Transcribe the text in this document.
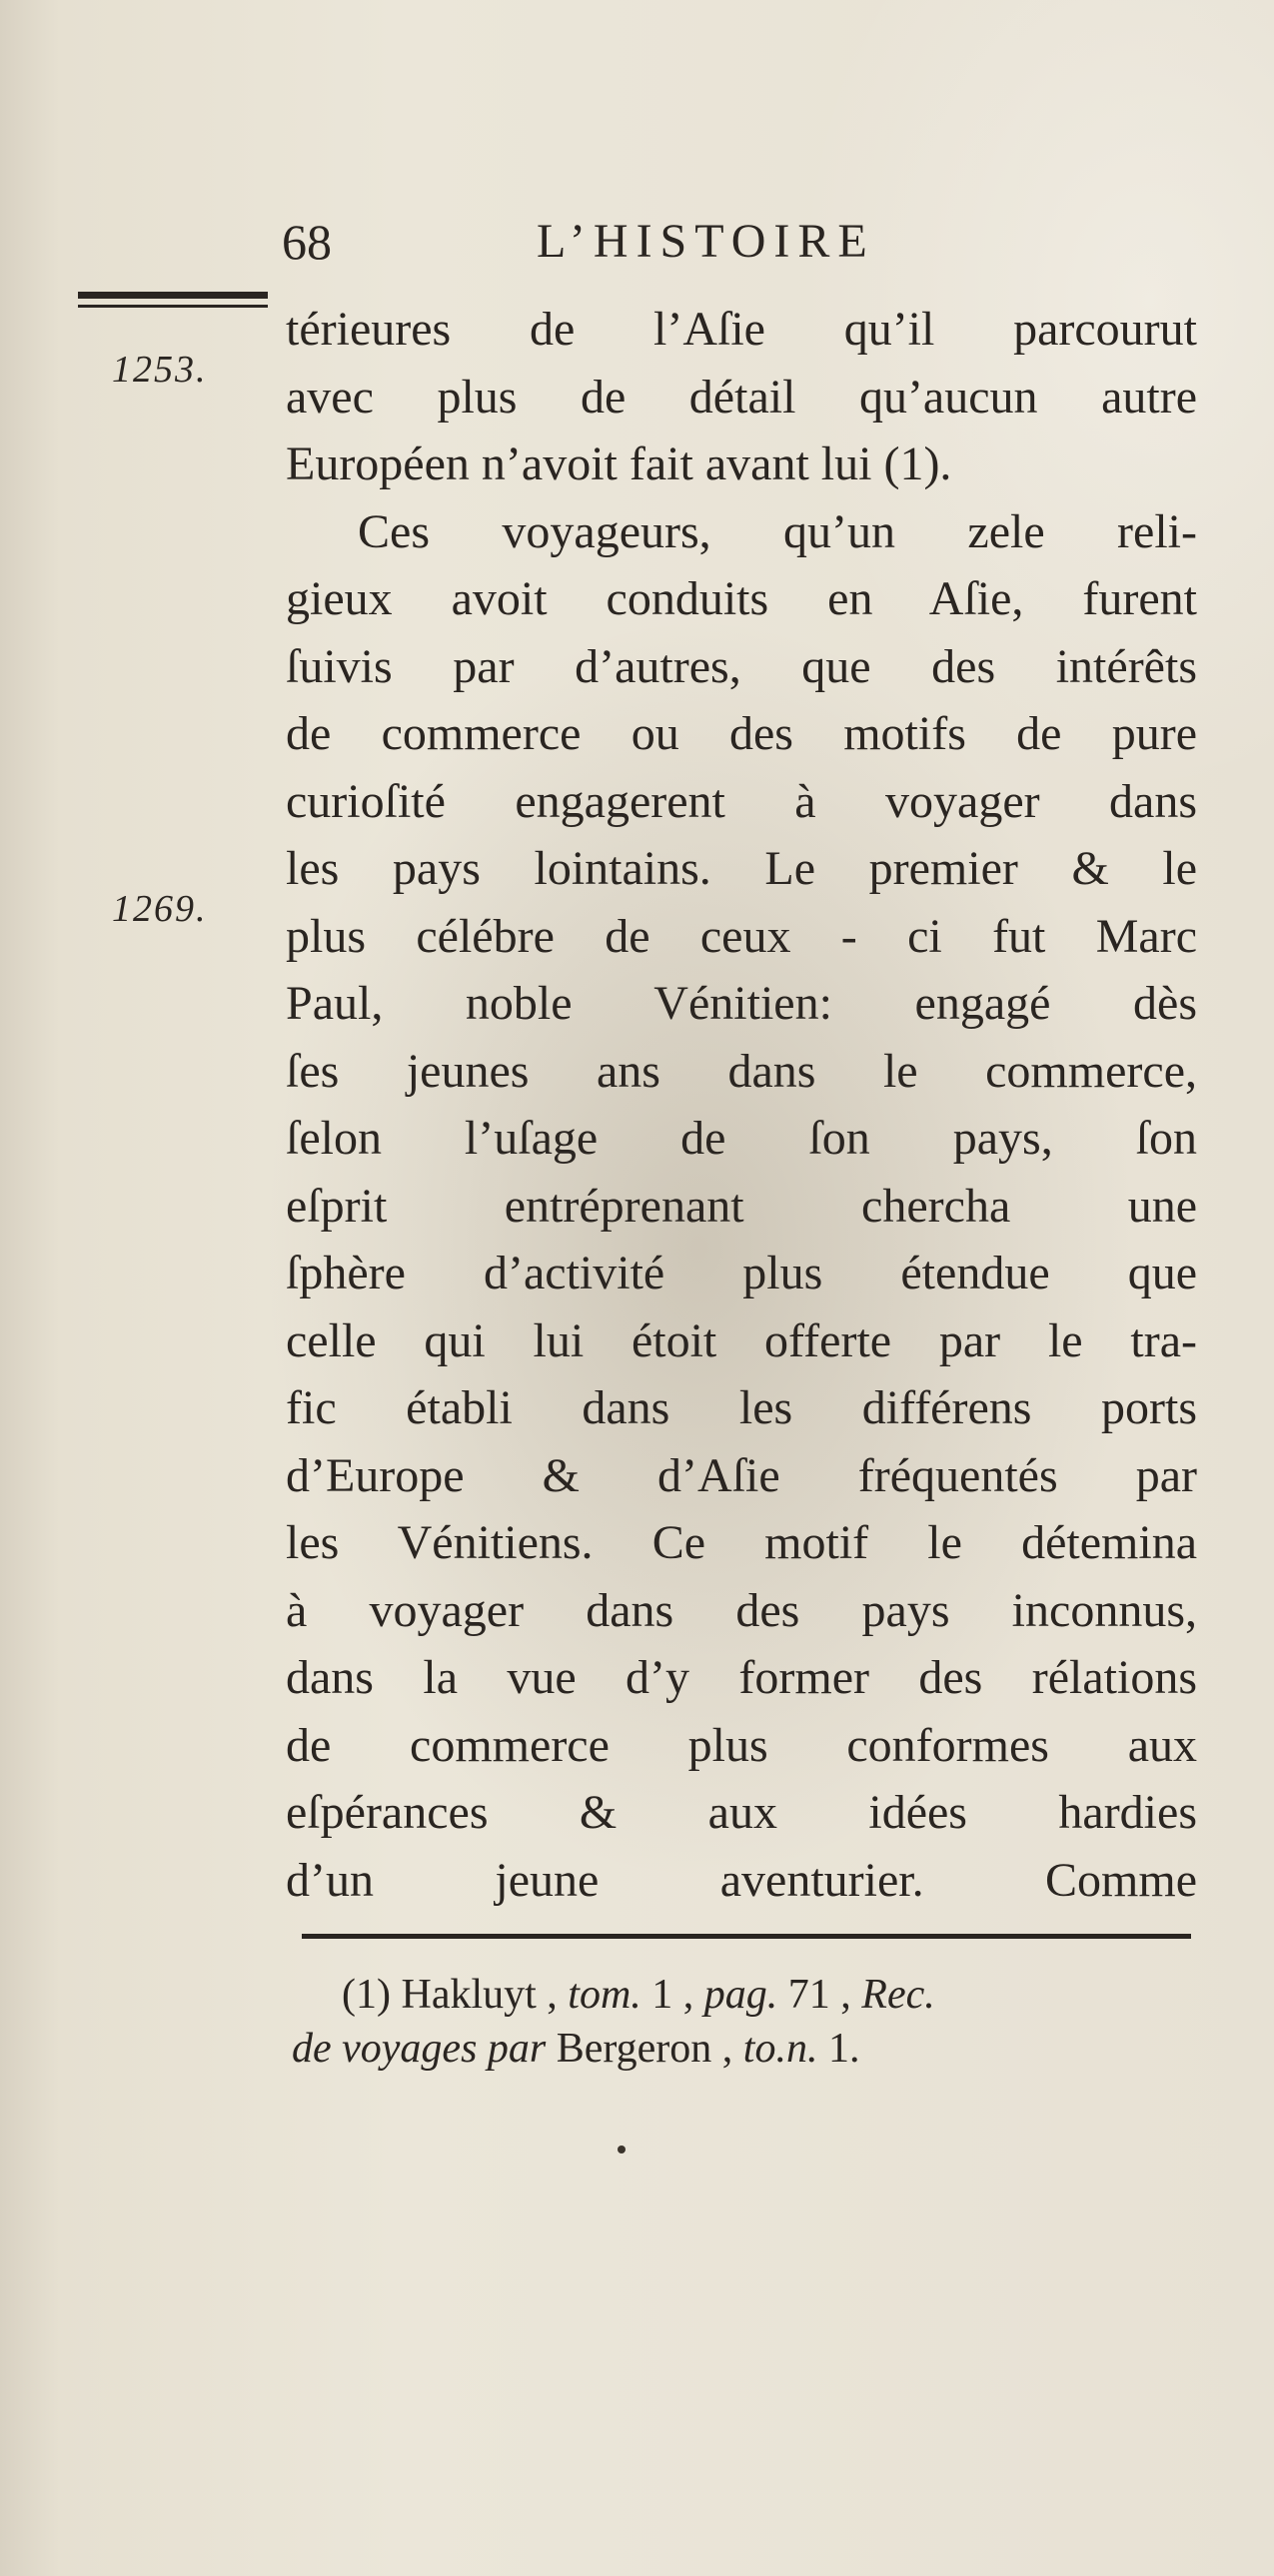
68	L’HISTOIRE
1253.
1269.
térieures de l’Aſie qu’il parcourut
avec plus de détail qu’aucun autre
Européen n’avoit fait avant lui (1).
Ces voyageurs, qu’un zele reli-
gieux avoit conduits en Aſie, furent
ſuivis par d’autres, que des intérêts
de commerce ou des motifs de pure
curioſité engagerent à voyager dans
les pays lointains. Le premier & le
plus célébre de ceux - ci fut Marc
Paul, noble Vénitien: engagé dès
ſes jeunes ans dans le commerce,
ſelon l’uſage de ſon pays, ſon
eſprit entréprenant chercha une
ſphère d’activité plus étendue que
celle qui lui étoit offerte par le tra-
fic établi dans les différens ports
d’Europe & d’Aſie fréquentés par
les Vénitiens. Ce motif le détemina
à voyager dans des pays inconnus,
dans la vue d’y former des rélations
de commerce plus conformes aux
eſpérances & aux idées hardies
d’un jeune aventurier. Comme
(1) Hakluyt , tom. 1 , pag. 71 , Rec.
de voyages par Bergeron , to.n. 1.
